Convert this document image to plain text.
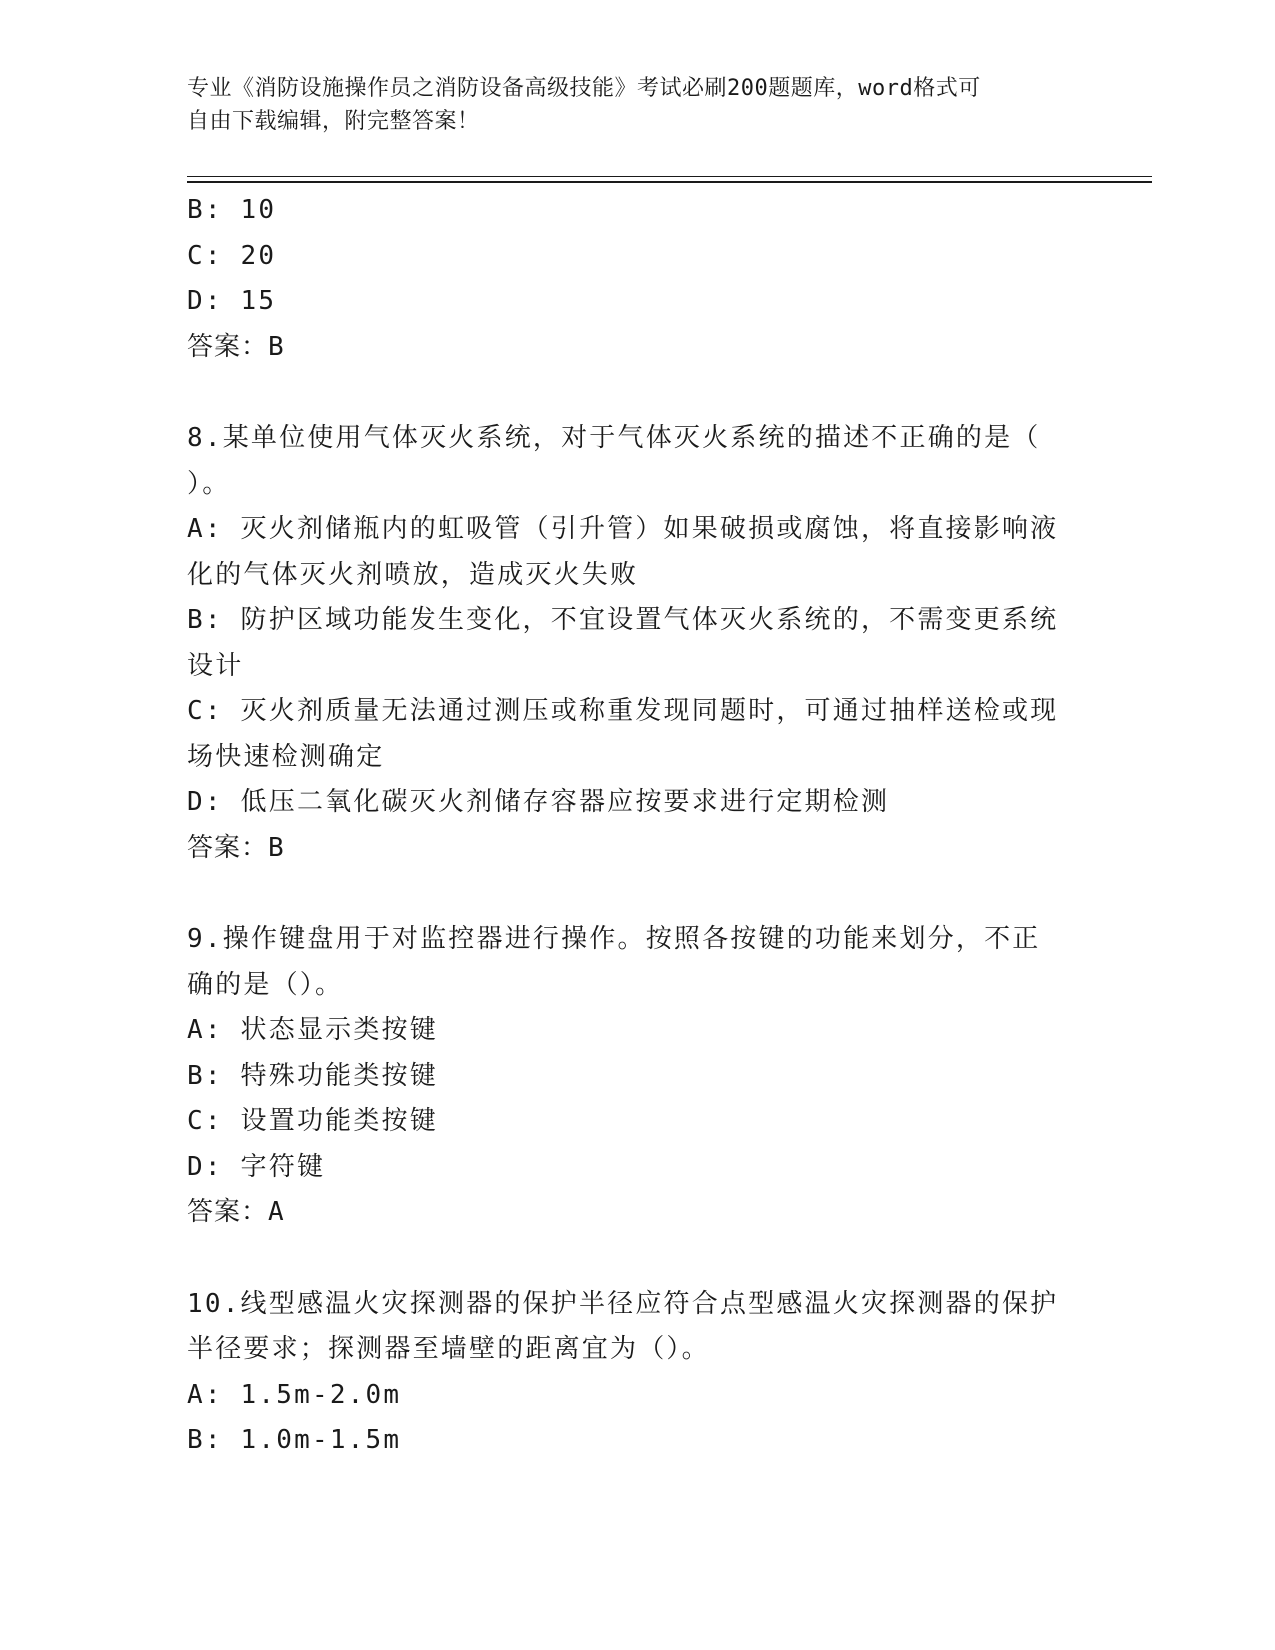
专业《消防设施操作员之消防设备高级技能》考试必刷200题题库，word格式可
自由下载编辑，附完整答案！
B: 10
C: 20
D: 15
答案：B
8.某单位使用气体灭火系统，对于气体灭火系统的描述不正确的是（
）。
A: 灭火剂储瓶内的虹吸管（引升管）如果破损或腐蚀，将直接影响液
化的气体灭火剂喷放，造成灭火失败
B: 防护区域功能发生变化，不宜设置气体灭火系统的，不需变更系统
设计
C: 灭火剂质量无法通过测压或称重发现同题时，可通过抽样送检或现
场快速检测确定
D: 低压二氧化碳灭火剂储存容器应按要求进行定期检测
答案：B
9.操作键盘用于对监控器进行操作。按照各按键的功能来划分，不正
确的是（）。
A: 状态显示类按键
B: 特殊功能类按键
C: 设置功能类按键
D: 字符键
答案：A
10.线型感温火灾探测器的保护半径应符合点型感温火灾探测器的保护
半径要求；探测器至墙壁的距离宜为（）。
A: 1.5m-2.0m
B: 1.0m-1.5m
